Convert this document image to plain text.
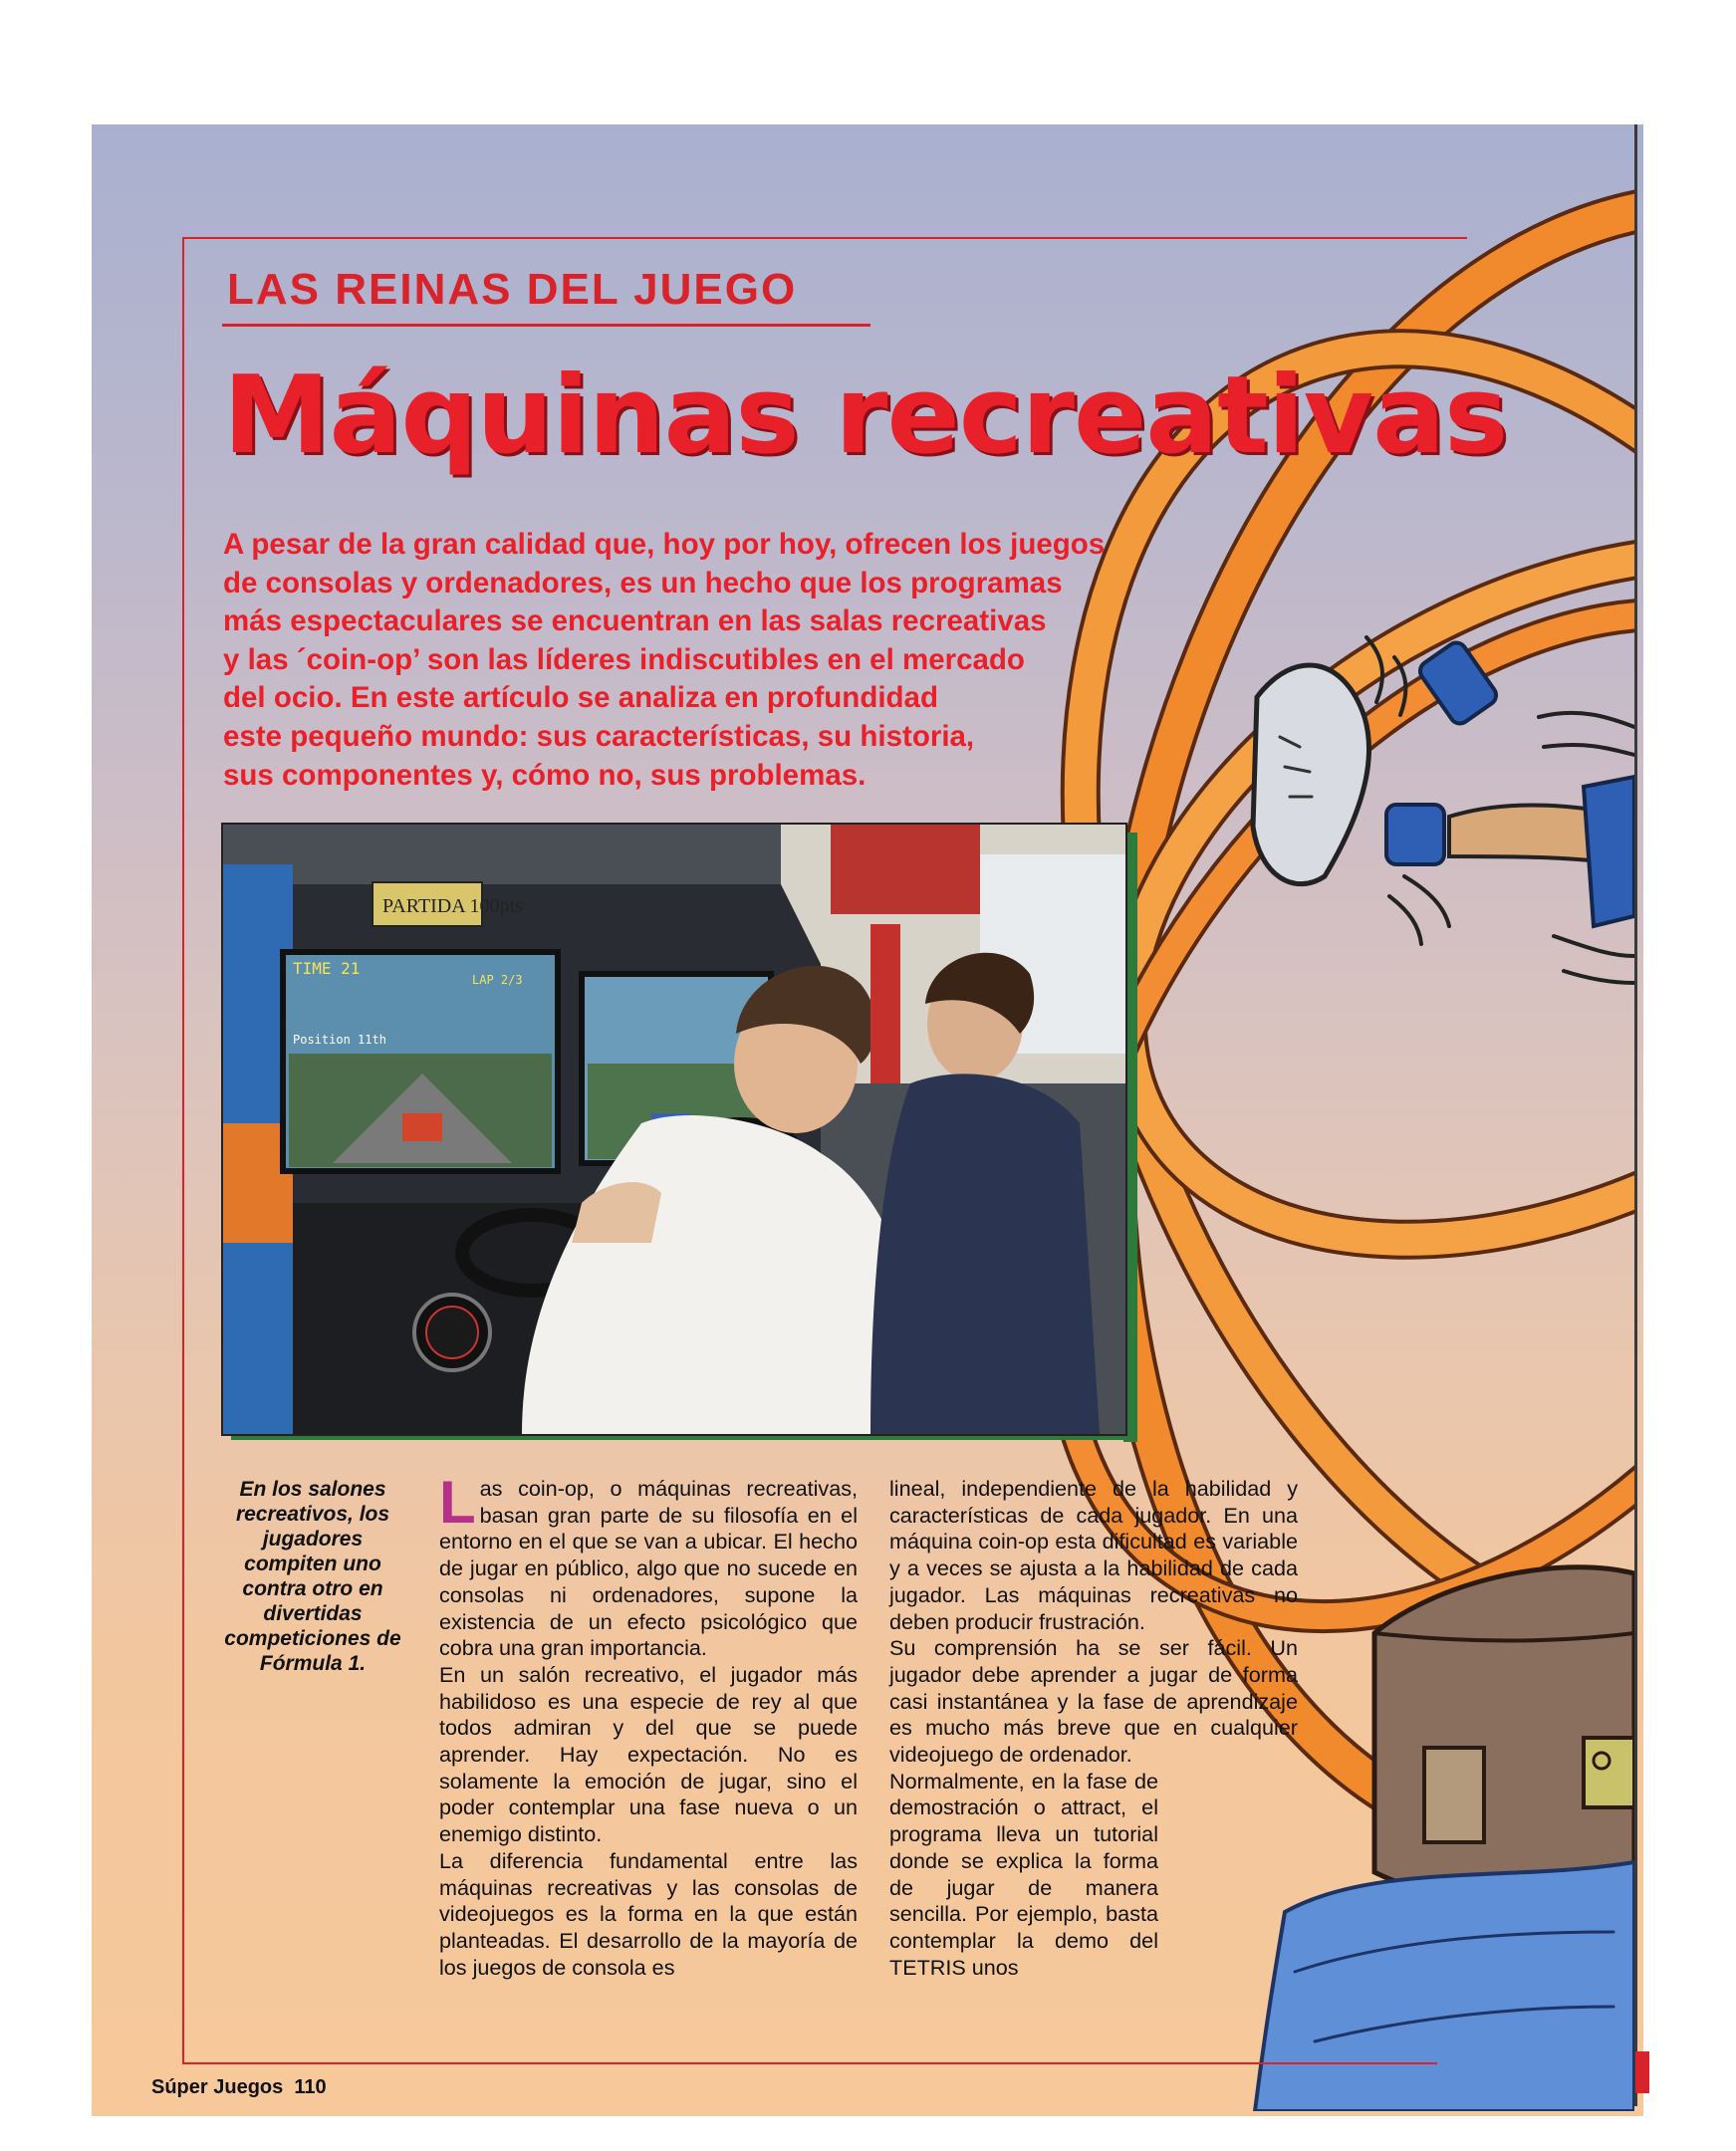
LAS REINAS DEL JUEGO
Máquinas recreativas

A pesar de la gran calidad que, hoy por hoy, ofrecen los juegos
de consolas y ordenadores, es un hecho que los programas
más espectaculares se encuentran en las salas recreativas
y las ´coin-op’ son las líderes indiscutibles en el mercado
del ocio. En este artículo se analiza en profundidad
este pequeño mundo: sus características, su historia,
sus componentes y, cómo no, sus problemas.

PARTIDA 100pts
TIME 21
LAP 2/3
Position 11th

En los salones recreativos, los jugadores compiten uno contra otro en divertidas competiciones de Fórmula 1.

Las coin-op, o máquinas recreativas, basan gran parte de su filosofía en el entorno en el que se van a ubicar. El hecho de jugar en público, algo que no sucede en consolas ni ordenadores, supone la existencia de un efecto psicológico que cobra una gran importancia.

En un salón recreativo, el jugador más habilidoso es una especie de rey al que todos admiran y del que se puede aprender. Hay expectación. No es solamente la emoción de jugar, sino el poder contemplar una fase nueva o un enemigo distinto.

La diferencia fundamental entre las máquinas recreativas y las consolas de videojuegos es la forma en la que están planteadas. El desarrollo de la mayoría de los juegos de consola es

lineal, independiente de la habilidad y características de cada jugador. En una máquina coin-op esta dificultad es variable y a veces se ajusta a la habilidad de cada jugador. Las máquinas recreativas no deben producir frustración.

Su comprensión ha se ser fácil. Un jugador debe aprender a jugar de forma casi instantánea y la fase de aprendizaje es mucho más breve que en cualquier videojuego de ordenador.

Normalmente, en la fase de demostración o attract, el programa lleva un tutorial donde se explica la forma de jugar de manera sencilla. Por ejemplo, basta contemplar la demo del TETRIS unos

Súper Juegos 110
